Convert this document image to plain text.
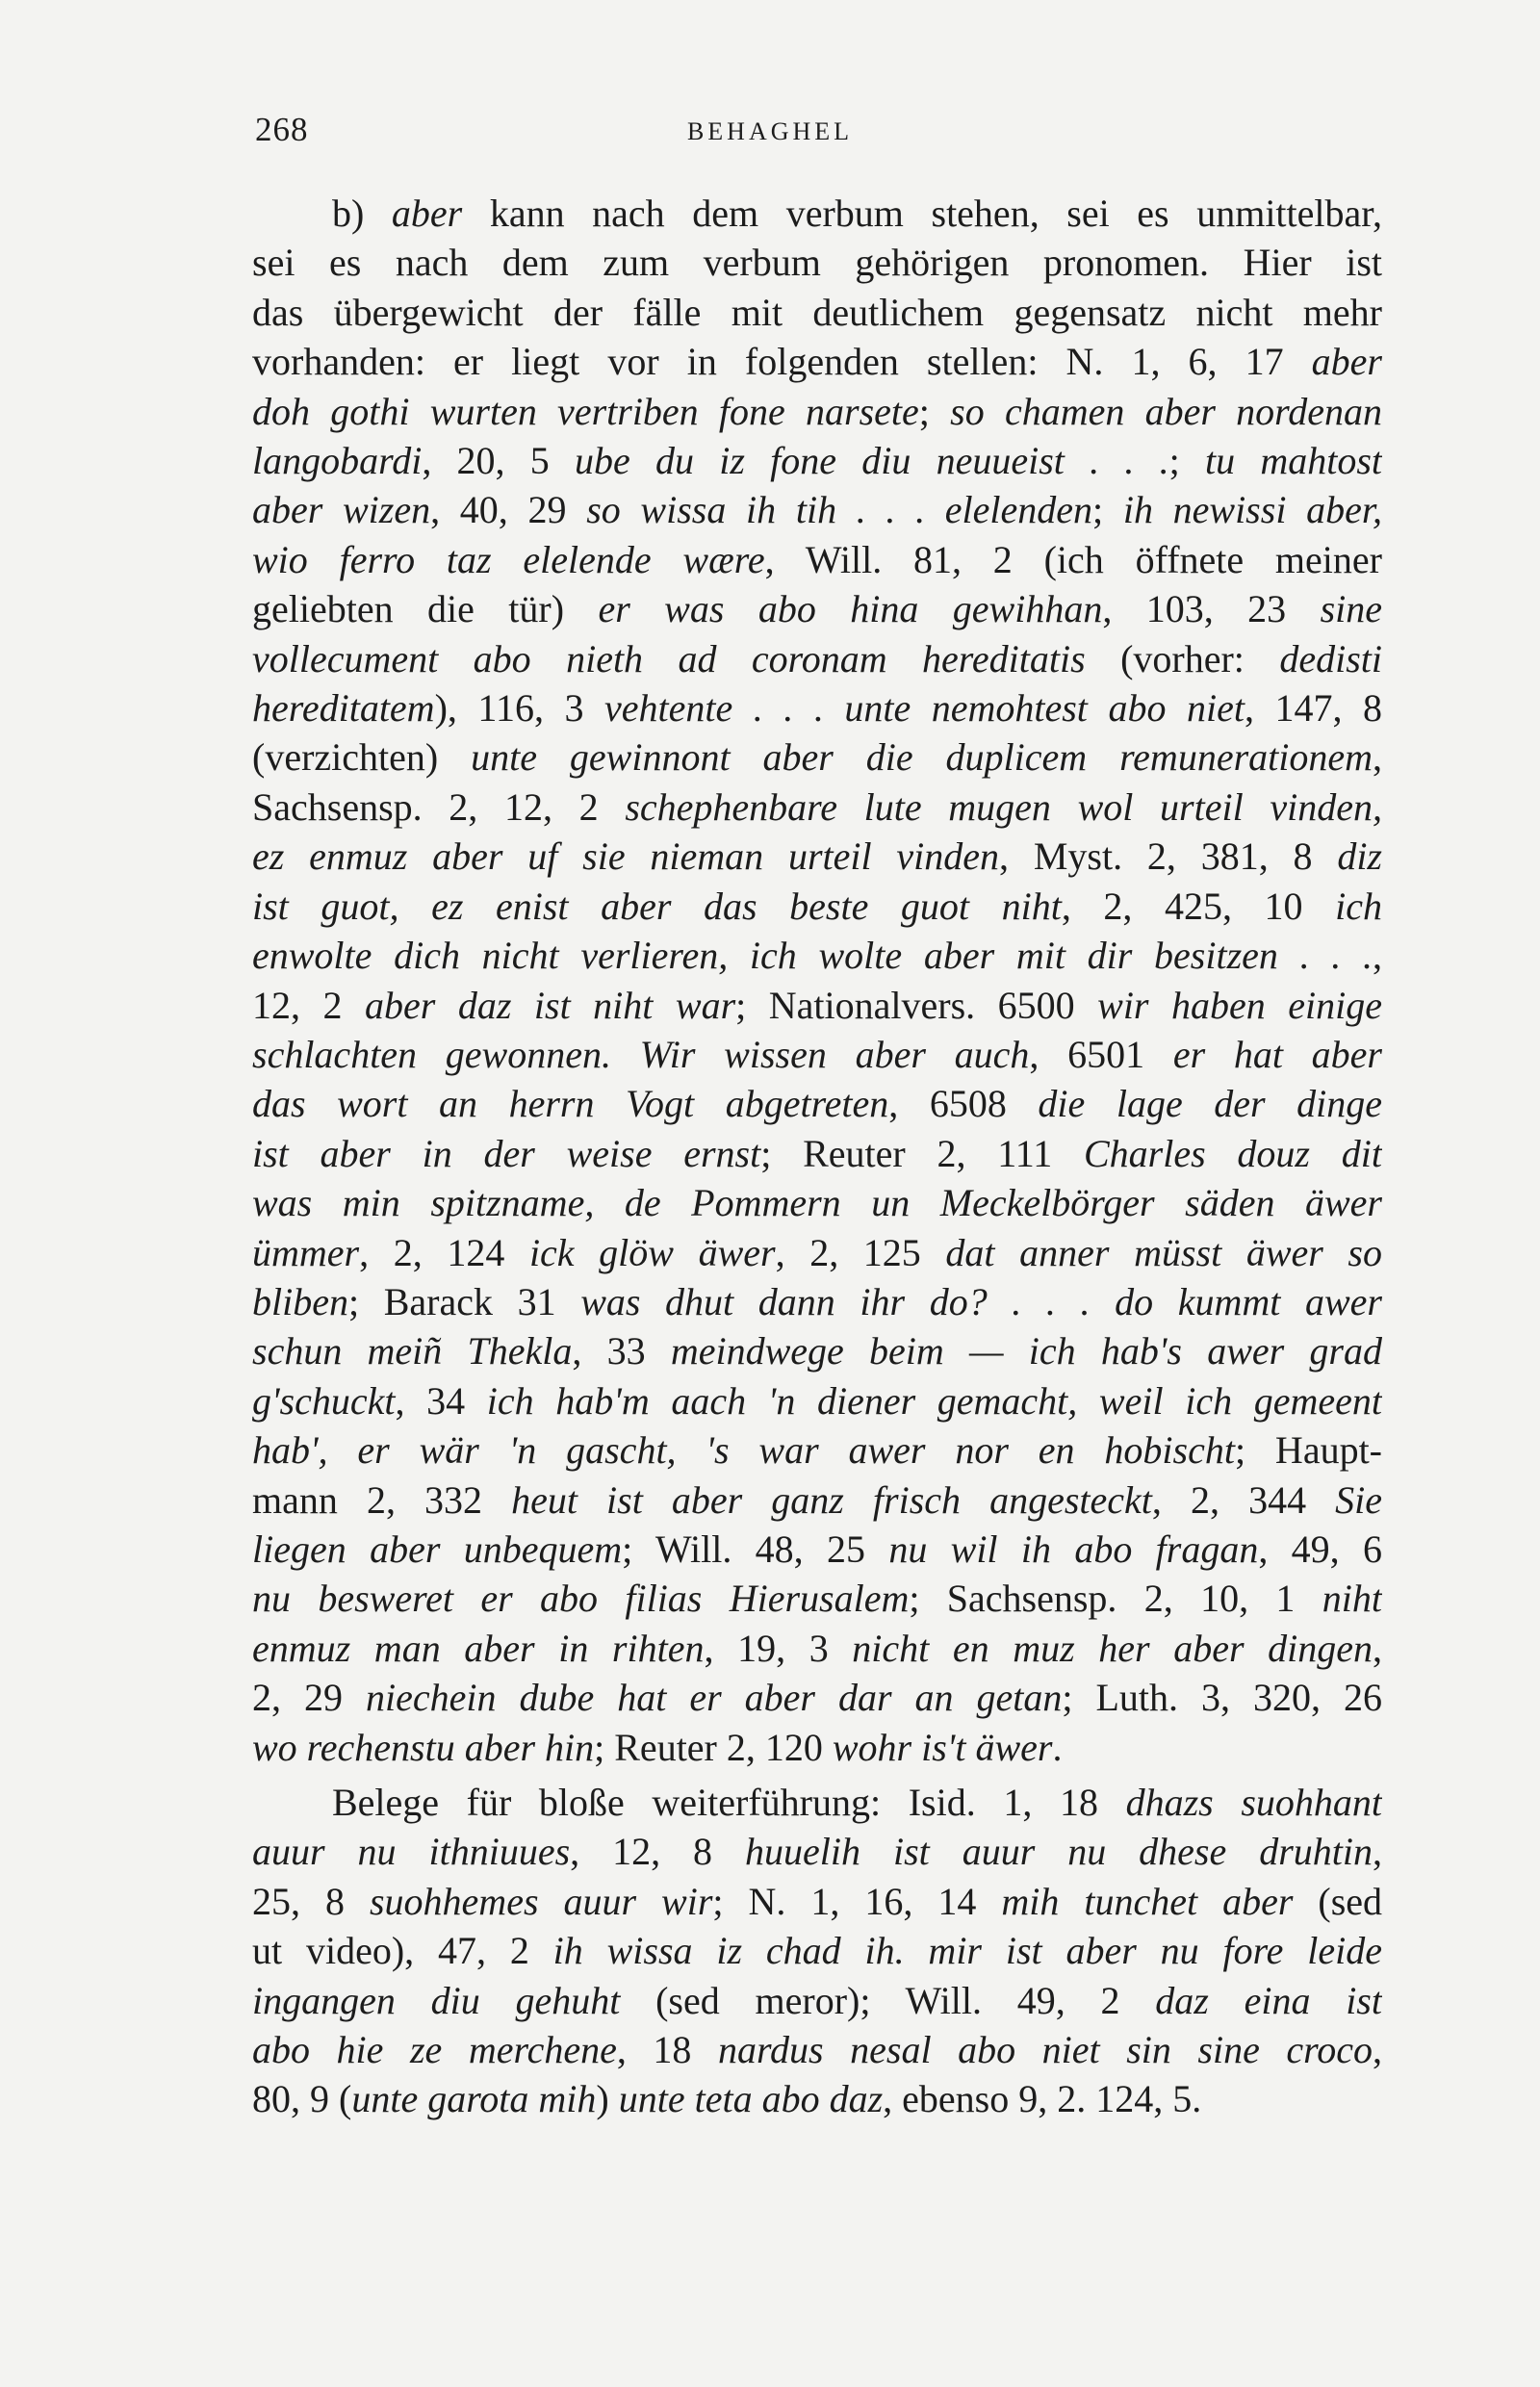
268	BEHAGHEL

b) aber kann nach dem verbum stehen, sei es unmittelbar,
sei es nach dem zum verbum gehörigen pronomen. Hier ist
das übergewicht der fälle mit deutlichem gegensatz nicht mehr
vorhanden: er liegt vor in folgenden stellen: N. 1, 6, 17 aber
doh gothi wurten vertriben fone narsete; so chamen aber nordenan
langobardi, 20, 5 ube du iz fone diu neuueist . . .; tu mahtost
aber wizen, 40, 29 so wissa ih tih . . . elelenden; ih newissi aber,
wio ferro taz elelende wære, Will. 81, 2 (ich öffnete meiner
geliebten die tür) er was abo hina gewihhan, 103, 23 sine
vollecument abo nieth ad coronam hereditatis (vorher: dedisti
hereditatem), 116, 3 vehtente . . . unte nemohtest abo niet, 147, 8
(verzichten) unte gewinnont aber die duplicem remunerationem,
Sachsensp. 2, 12, 2 schephenbare lute mugen wol urteil vinden,
ez enmuz aber uf sie nieman urteil vinden, Myst. 2, 381, 8 diz
ist guot, ez enist aber das beste guot niht, 2, 425, 10 ich
enwolte dich nicht verlieren, ich wolte aber mit dir besitzen . . .,
12, 2 aber daz ist niht war; Nationalvers. 6500 wir haben einige
schlachten gewonnen. Wir wissen aber auch, 6501 er hat aber
das wort an herrn Vogt abgetreten, 6508 die lage der dinge
ist aber in der weise ernst; Reuter 2, 111 Charles douz dit
was min spitzname, de Pommern un Meckelbörger säden äwer
ümmer, 2, 124 ick glöw äwer, 2, 125 dat anner müsst äwer so
bliben; Barack 31 was dhut dann ihr do? . . . do kummt awer
schun meiñ Thekla, 33 meindwege beim — ich hab's awer grad
g'schuckt, 34 ich hab'm aach 'n diener gemacht, weil ich gemeent
hab', er wär 'n gascht, 's war awer nor en hobischt; Haupt-
mann 2, 332 heut ist aber ganz frisch angesteckt, 2, 344 Sie
liegen aber unbequem; Will. 48, 25 nu wil ih abo fragan, 49, 6
nu besweret er abo filias Hierusalem; Sachsensp. 2, 10, 1 niht
enmuz man aber in rihten, 19, 3 nicht en muz her aber dingen,
2, 29 niechein dube hat er aber dar an getan; Luth. 3, 320, 26
wo rechenstu aber hin; Reuter 2, 120 wohr is't äwer.

Belege für bloße weiterführung: Isid. 1, 18 dhazs suohhant
auur nu ithniuues, 12, 8 huuelih ist auur nu dhese druhtin,
25, 8 suohhemes auur wir; N. 1, 16, 14 mih tunchet aber (sed
ut video), 47, 2 ih wissa iz chad ih. mir ist aber nu fore leide
ingangen diu gehuht (sed meror); Will. 49, 2 daz eina ist
abo hie ze merchene, 18 nardus nesal abo niet sin sine croco,
80, 9 (unte garota mih) unte teta abo daz, ebenso 9, 2. 124, 5.
